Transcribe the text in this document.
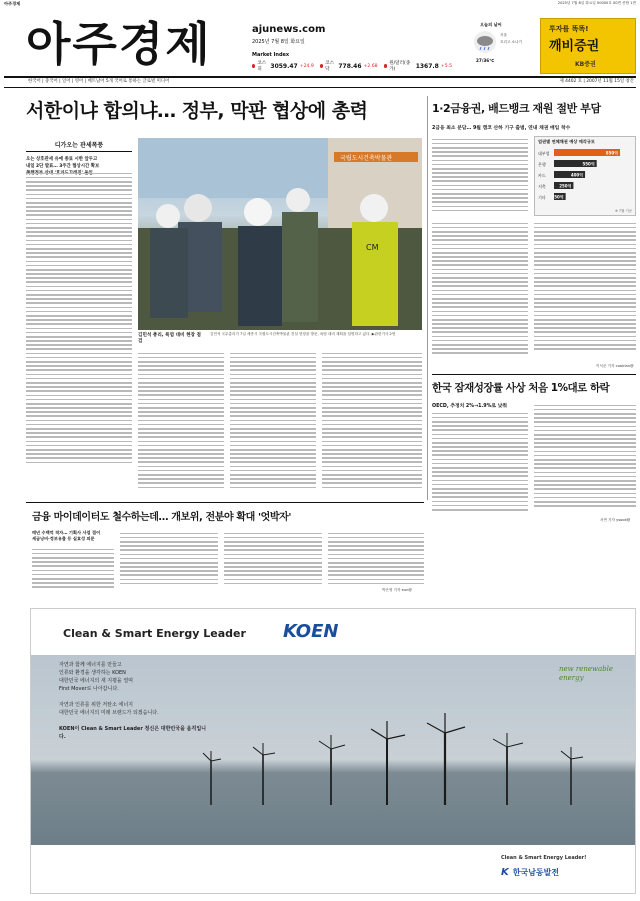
아주경제	2025년 7월 8일 화요일 00000호 00면 종합 1면
아주경제	ajunews.com
2025년 7월 8일 화요일
Market Index
코스피	3059.47 +24.9 코스닥	778.46 +2.68	원/달러(종가)	1367.8 +5.5
오늘의 날씨
서울
흐리고 소나기
27/36℃
투자를 똑똑!
깨비증권
KB증권
한국어 | 중국어 | 일어 | 영어 | 베트남어 5개 국어로 통하는 글로벌 미디어	제 4402 호 | 2007년 11월 15일 창간
서한이냐 합의냐… 정부, 막판 협상에 총력
디가오는 관세폭풍
오는 상호관세 유예 종료 시한 앞두고
내일 2단 발표… 3주간 협상시간 확보
국립도시건축박물관
CM
김민석 총리, 폭염 대비 현장 점검
김민석 국무총리가 7일 세종시 국립도시건축박물관 건설 현장을 방문, 폭염 대비 계획을 설명하고 있다. ▶관련기사 2면
1·2금융권, 배드뱅크 재원 절반 부담
2금융 최소 분담… 9월 캠코 산하 기구 출범, 연내 채권 매입 착수
업권별 연체채권 예상 매각규모
대부업	850억
은행	550억
카드	400억
저축	250억
기타 150억
※ 7월 기준
이석준 기자 coolrian@
한국 잠재성장률 사상 처음 1%대로 하락
OECD, 추정치 2%→1.9%로 낮춰
서연 기자 ysook@
금융 마이데이터도 철수하는데… 개보위, 전분야 확대 '엇박자'
매년 수백억 적자… 기획사 사업 접어
세금낭비·정보유출 등 실효성 의문
박은영 기자 eun@
Clean & Smart Energy Leader KOEN
자연과 함께 에너지를 만들고
인류와 환경을 생각하는 KOEN
대한민국 에너지의 새 지평을 열며
First Mover로 나아갑니다.
자연과 인류를 위한 저탄소 에너지
대한민국 에너지의 미래 브랜드가 되겠습니다.
KOEN이 Clean & Smart Leader 정신은 대한민국을 움직입니다.
new renewable energy
Clean & Smart Energy Leader!
K 한국남동발전
